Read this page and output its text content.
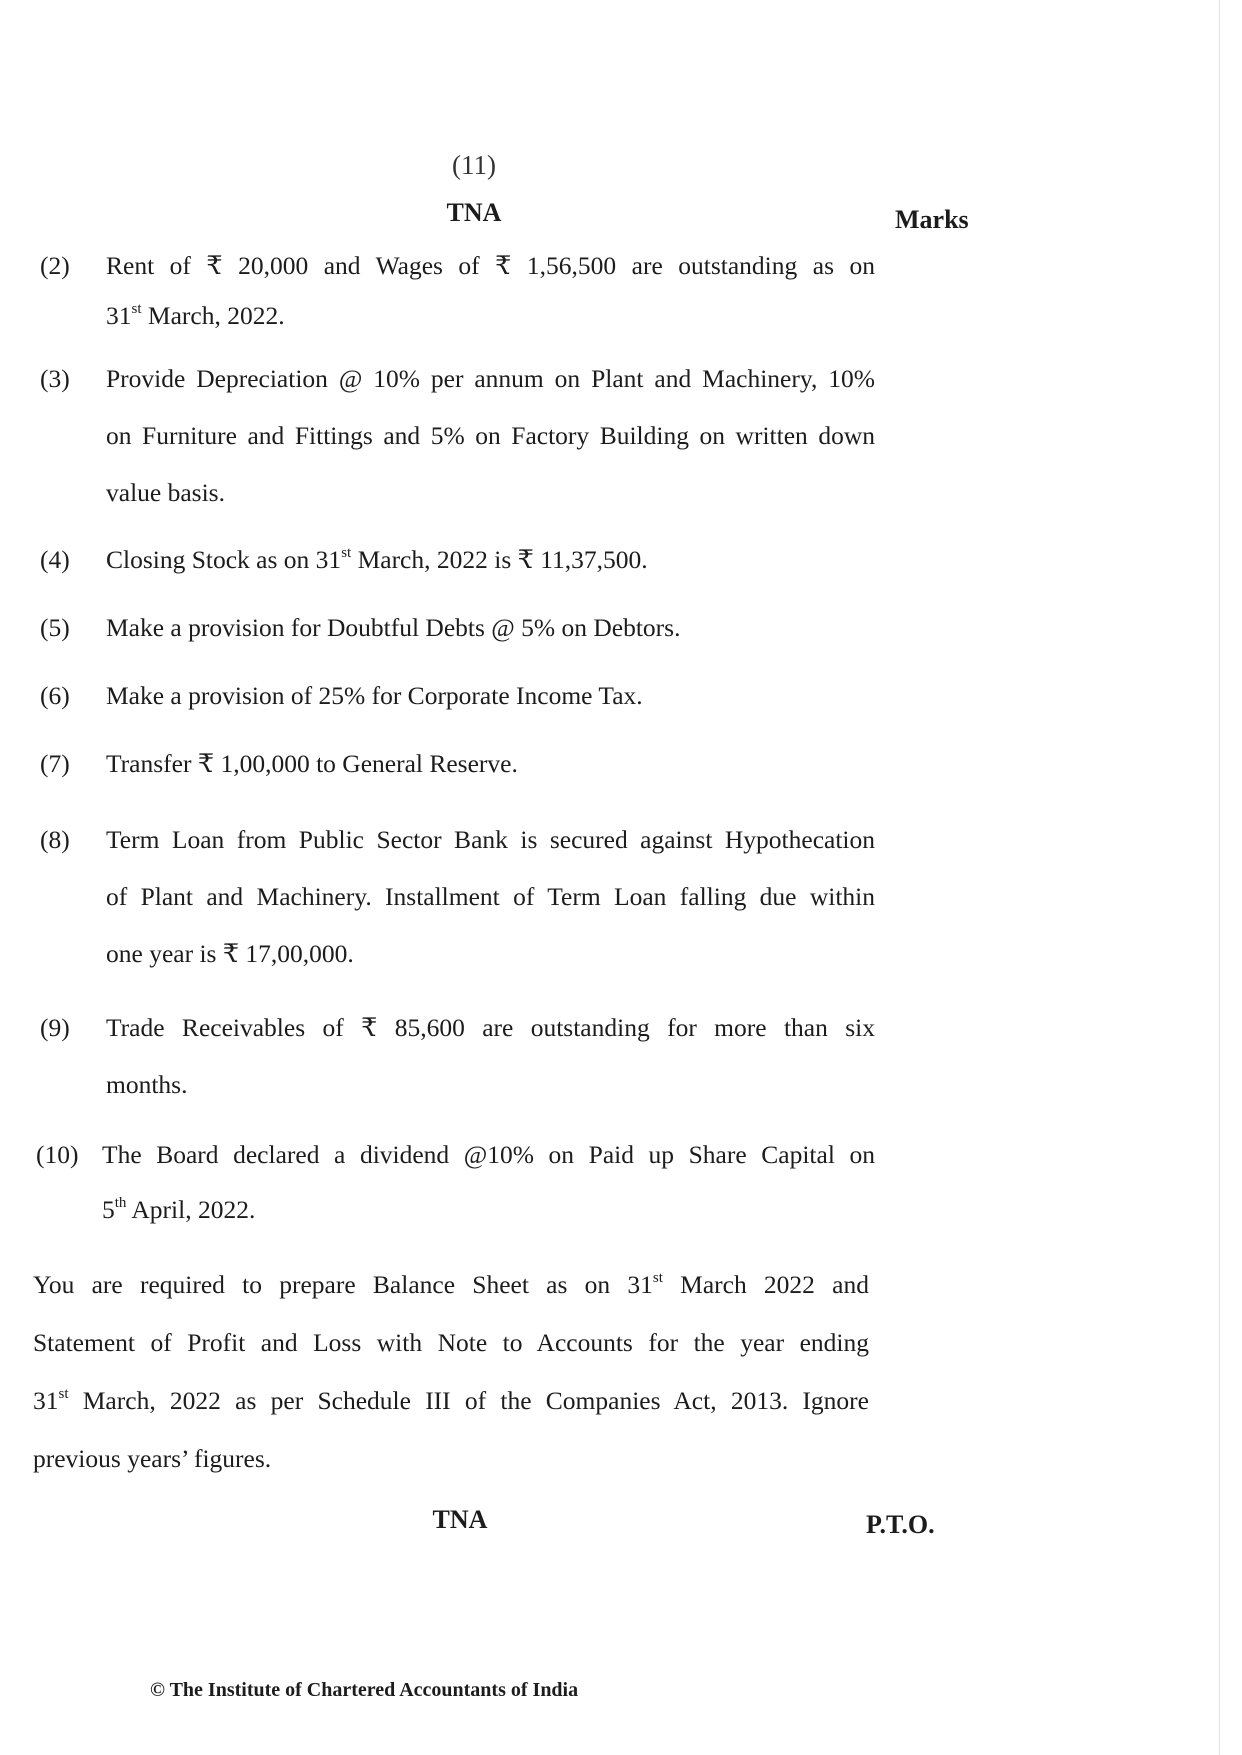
(11)
TNA	Marks
(2)	Rent of ₹ 20,000 and Wages of ₹ 1,56,500 are outstanding as on
31st March, 2022.
(3)	Provide Depreciation @ 10% per annum on Plant and Machinery, 10%
on Furniture and Fittings and 5% on Factory Building on written down
value basis.
(4)	Closing Stock as on 31st March, 2022 is ₹ 11,37,500.
(5)	Make a provision for Doubtful Debts @ 5% on Debtors.
(6)	Make a provision of 25% for Corporate Income Tax.
(7)	Transfer ₹ 1,00,000 to General Reserve.
(8)	Term Loan from Public Sector Bank is secured against Hypothecation
of Plant and Machinery. Installment of Term Loan falling due within
one year is ₹ 17,00,000.
(9)	Trade Receivables of ₹ 85,600 are outstanding for more than six
months.
(10) The Board declared a dividend @10% on Paid up Share Capital on
5th April, 2022.
You are required to prepare Balance Sheet as on 31st March 2022 and
Statement of Profit and Loss with Note to Accounts for the year ending
31st March, 2022 as per Schedule III of the Companies Act, 2013. Ignore
previous years’ figures.
TNA	P.T.O.
© The Institute of Chartered Accountants of India
